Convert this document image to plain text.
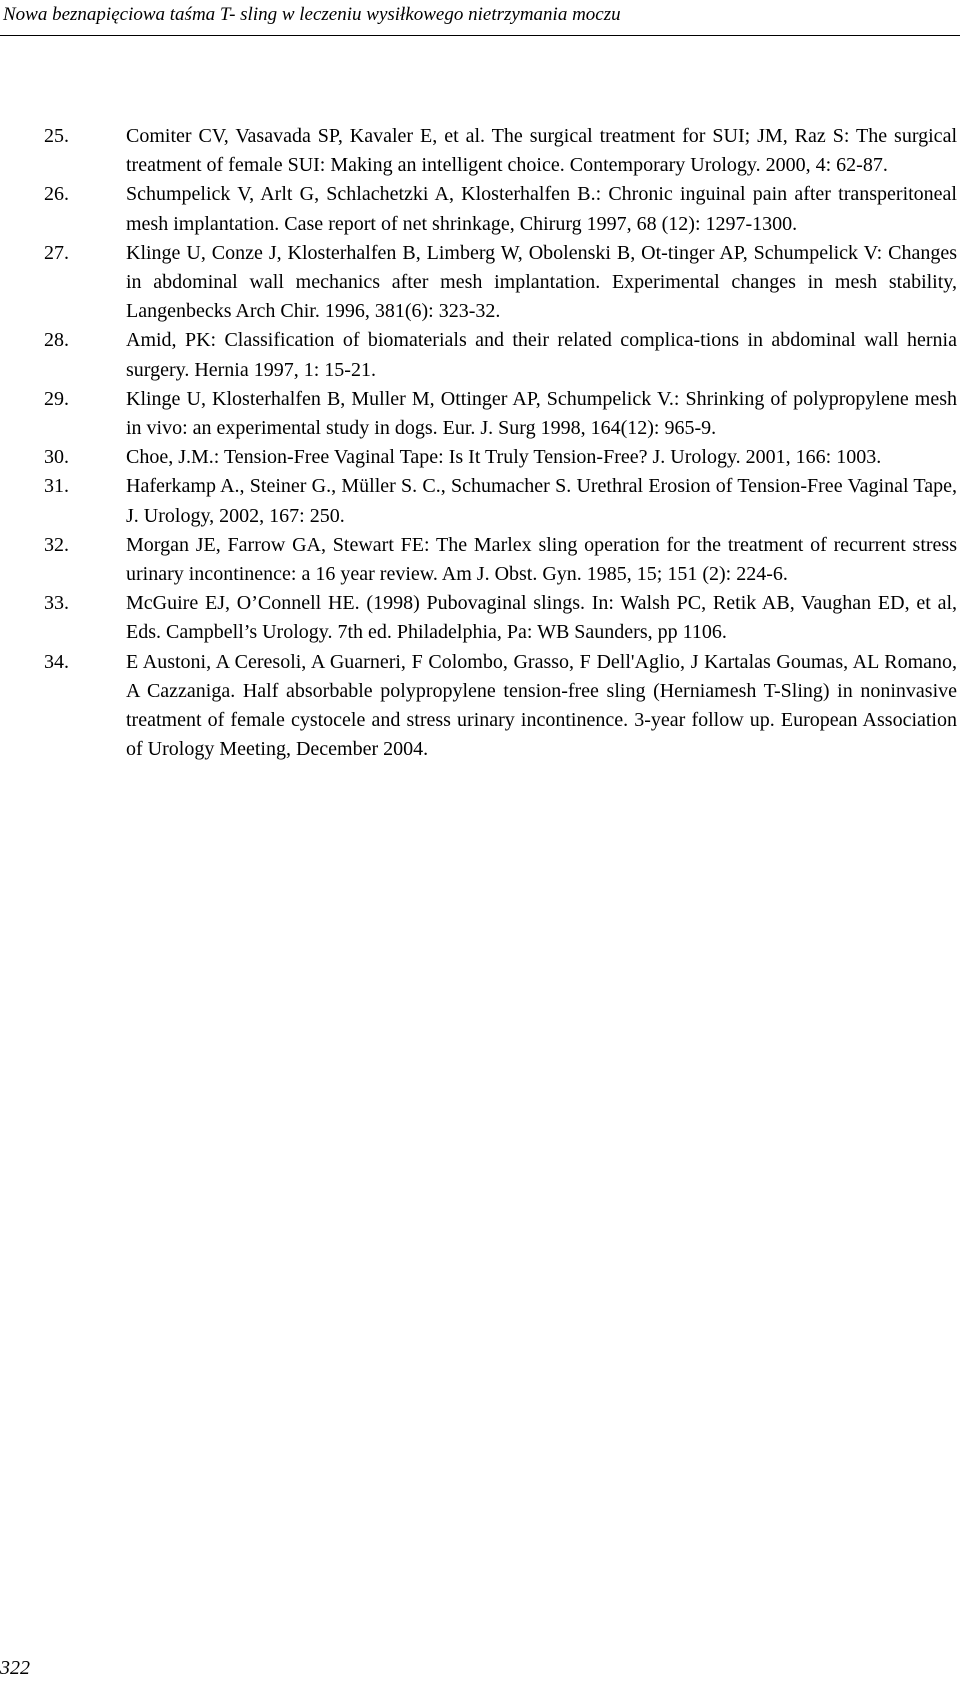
Nowa beznapięciowa taśma T- sling w leczeniu wysiłkowego nietrzymania moczu
25.	Comiter CV, Vasavada SP, Kavaler E, et al. The surgical treatment for SUI; JM, Raz S: The surgical treatment of female SUI: Making an intelligent choice. Contemporary Urology. 2000, 4: 62-87.
26.	Schumpelick V, Arlt G, Schlachetzki A, Klosterhalfen B.: Chronic inguinal pain after transperitoneal mesh implantation. Case report of net shrinkage, Chirurg 1997, 68 (12): 1297-1300.
27.	Klinge U, Conze J, Klosterhalfen B, Limberg W, Obolenski B, Ot-tinger AP, Schumpelick V: Changes in abdominal wall mechanics after mesh implantation. Experimental changes in mesh stability, Langenbecks Arch Chir. 1996, 381(6): 323-32.
28.	Amid, PK: Classification of biomaterials and their related complica-tions in abdominal wall hernia surgery. Hernia 1997, 1: 15-21.
29.	Klinge U, Klosterhalfen B, Muller M, Ottinger AP, Schumpelick V.: Shrinking of polypropylene mesh in vivo: an experimental study in dogs. Eur. J. Surg 1998, 164(12): 965-9.
30.	Choe, J.M.: Tension-Free Vaginal Tape: Is It Truly Tension-Free? J. Urology. 2001, 166: 1003.
31.	Haferkamp A., Steiner G., Müller S. C., Schumacher S. Urethral Erosion of Tension-Free Vaginal Tape, J. Urology, 2002, 167: 250.
32.	Morgan JE, Farrow GA, Stewart FE: The Marlex sling operation for the treatment of recurrent stress urinary incontinence: a 16 year review. Am J. Obst. Gyn. 1985, 15; 151 (2): 224-6.
33.	McGuire EJ, O’Connell HE. (1998) Pubovaginal slings. In: Walsh PC, Retik AB, Vaughan ED, et al, Eds. Campbell’s Urology. 7th ed. Philadelphia, Pa: WB Saunders, pp 1106.
34.	E Austoni, A Ceresoli, A Guarneri, F Colombo, Grasso, F Dell'Aglio, J Kartalas Goumas, AL Romano, A Cazzaniga. Half absorbable polypropylene tension-free sling (Herniamesh T-Sling) in noninvasive treatment of female cystocele and stress urinary incontinence. 3-year follow up. European Association of Urology Meeting, December 2004.
322
